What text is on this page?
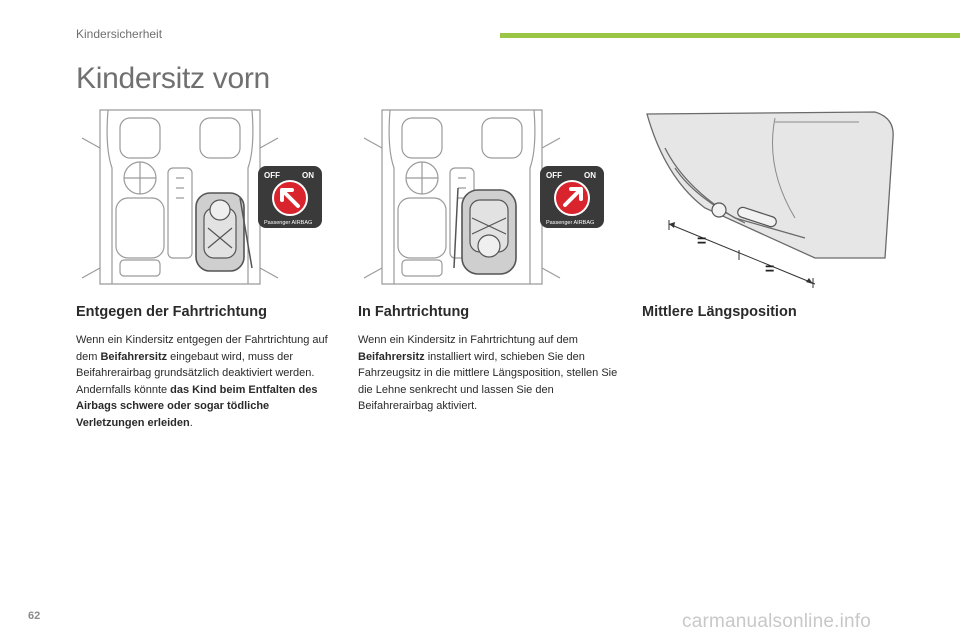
Kindersicherheit
Kindersitz vorn
OFF	ON
Passenger AIRBAG
OFF	ON
Passenger AIRBAG
=
=
Entgegen der Fahrtrichtung

Wenn ein Kindersitz entgegen der Fahrtrichtung auf dem Beifahrersitz eingebaut wird, muss der Beifahrerairbag grundsätzlich deaktiviert werden. Andernfalls könnte das Kind beim Entfalten des Airbags schwere oder sogar tödliche Verletzungen erleiden.

In Fahrtrichtung

Wenn ein Kindersitz in Fahrtrichtung auf dem Beifahrersitz installiert wird, schieben Sie den Fahrzeugsitz in die mittlere Längsposition, stellen Sie die Lehne senkrecht und lassen Sie den Beifahrerairbag aktiviert.

Mittlere Längsposition
62	carmanualsonline.info
